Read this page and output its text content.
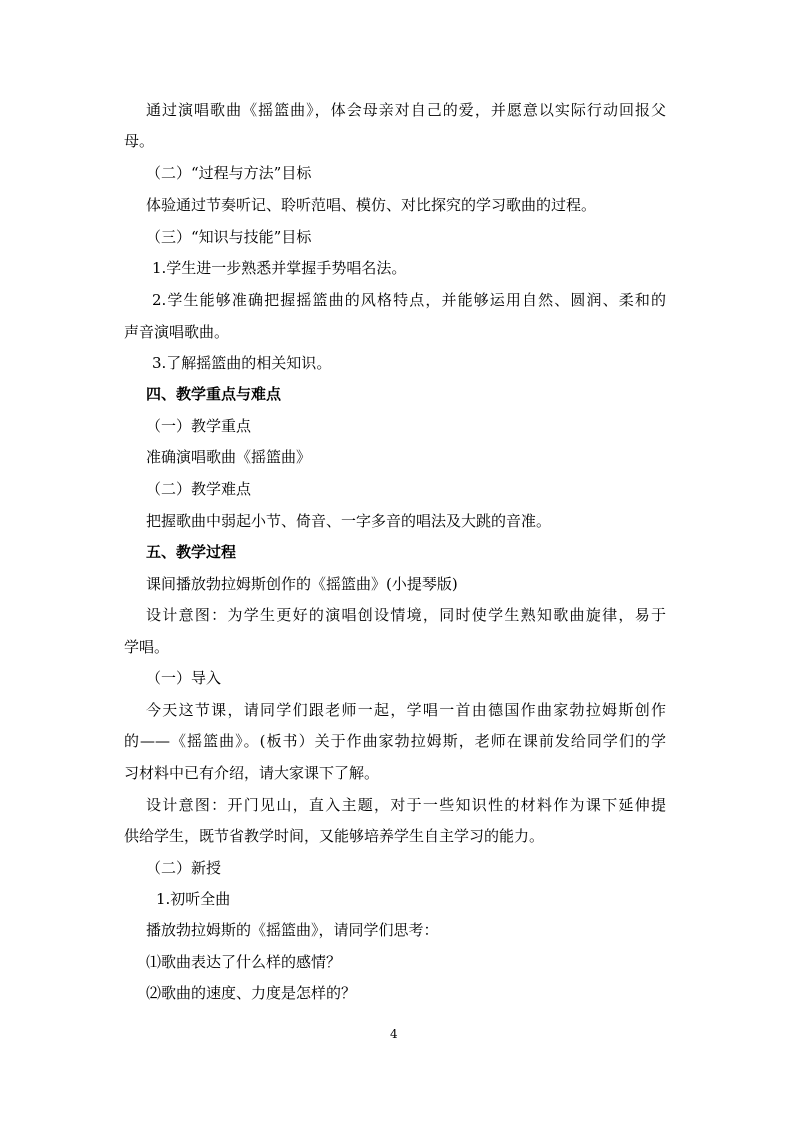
通过演唱歌曲《摇篮曲》，体会母亲对自己的爱，并愿意以实际行动回报父
母。
（二）“过程与方法”目标
体验通过节奏听记、聆听范唱、模仿、对比探究的学习歌曲的过程。
（三）“知识与技能”目标
1.学生进一步熟悉并掌握手势唱名法。
2.学生能够准确把握摇篮曲的风格特点，并能够运用自然、圆润、柔和的
声音演唱歌曲。
3.了解摇篮曲的相关知识。
四、教学重点与难点
（一）教学重点
准确演唱歌曲《摇篮曲》
（二）教学难点
把握歌曲中弱起小节、倚音、一字多音的唱法及大跳的音准。
五、教学过程
课间播放勃拉姆斯创作的《摇篮曲》(小提琴版)
设计意图：为学生更好的演唱创设情境，同时使学生熟知歌曲旋律，易于
学唱。
（一）导入
今天这节课，请同学们跟老师一起，学唱一首由德国作曲家勃拉姆斯创作
的——《摇篮曲》。(板书）关于作曲家勃拉姆斯，老师在课前发给同学们的学
习材料中已有介绍，请大家课下了解。
设计意图：开门见山，直入主题，对于一些知识性的材料作为课下延伸提
供给学生，既节省教学时间，又能够培养学生自主学习的能力。
（二）新授
1.初听全曲
播放勃拉姆斯的《摇篮曲》，请同学们思考：
⑴歌曲表达了什么样的感情？
⑵歌曲的速度、力度是怎样的？
4
